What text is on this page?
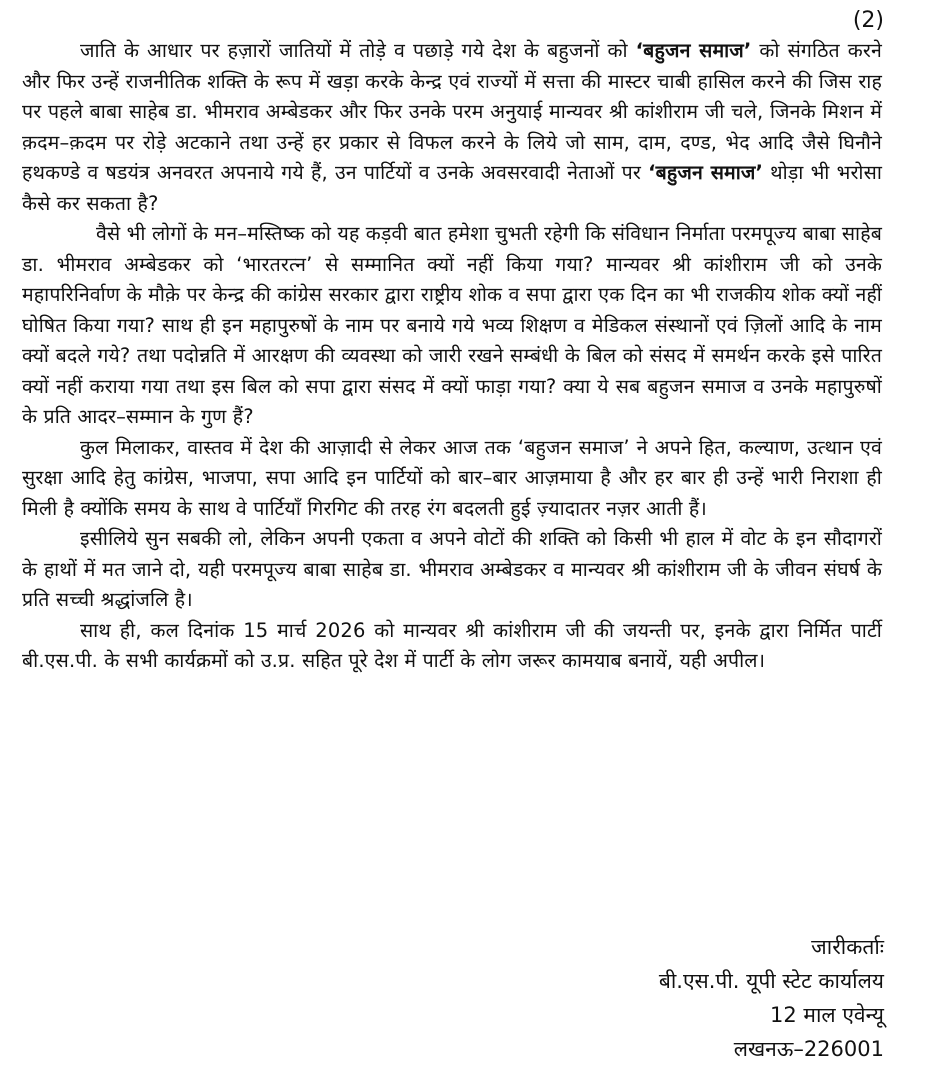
(2)

जाति के आधार पर हज़ारों जातियों में तोड़े व पछाड़े गये देश के बहुजनों को ‘बहुजन समाज’ को संगठित करने और फिर उन्हें राजनीतिक शक्ति के रूप में खड़ा करके केन्द्र एवं राज्यों में सत्ता की मास्टर चाबी हासिल करने की जिस राह पर पहले बाबा साहेब डा. भीमराव अम्बेडकर और फिर उनके परम अनुयाई मान्यवर श्री कांशीराम जी चले, जिनके मिशन में क़दम–क़दम पर रोड़े अटकाने तथा उन्हें हर प्रकार से विफल करने के लिये जो साम, दाम, दण्ड, भेद आदि जैसे घिनौने हथकण्डे व षडयंत्र अनवरत अपनाये गये हैं, उन पार्टियों व उनके अवसरवादी नेताओं पर ‘बहुजन समाज’ थोड़ा भी भरोसा कैसे कर सकता है?

वैसे भी लोगों के मन–मस्तिष्क को यह कड़वी बात हमेशा चुभती रहेगी कि संविधान निर्माता परमपूज्य बाबा साहेब डा. भीमराव अम्बेडकर को ‘भारतरत्न’ से सम्मानित क्यों नहीं किया गया? मान्यवर श्री कांशीराम जी को उनके महापरिनिर्वाण के मौक़े पर केन्द्र की कांग्रेस सरकार द्वारा राष्ट्रीय शोक व सपा द्वारा एक दिन का भी राजकीय शोक क्यों नहीं घोषित किया गया? साथ ही इन महापुरुषों के नाम पर बनाये गये भव्य शिक्षण व मेडिकल संस्थानों एवं ज़िलों आदि के नाम क्यों बदले गये? तथा पदोन्नति में आरक्षण की व्यवस्था को जारी रखने सम्बंधी के बिल को संसद में समर्थन करके इसे पारित क्यों नहीं कराया गया तथा इस बिल को सपा द्वारा संसद में क्यों फाड़ा गया? क्या ये सब बहुजन समाज व उनके महापुरुषों के प्रति आदर–सम्मान के गुण हैं?

कुल मिलाकर, वास्तव में देश की आज़ादी से लेकर आज तक ‘बहुजन समाज’ ने अपने हित, कल्याण, उत्थान एवं सुरक्षा आदि हेतु कांग्रेस, भाजपा, सपा आदि इन पार्टियों को बार–बार आज़माया है और हर बार ही उन्हें भारी निराशा ही मिली है क्योंकि समय के साथ वे पार्टियाँ गिरगिट की तरह रंग बदलती हुई ज़्यादातर नज़र आती हैं।

इसीलिये सुन सबकी लो, लेकिन अपनी एकता व अपने वोटों की शक्ति को किसी भी हाल में वोट के इन सौदागरों के हाथों में मत जाने दो, यही परमपूज्य बाबा साहेब डा. भीमराव अम्बेडकर व मान्यवर श्री कांशीराम जी के जीवन संघर्ष के प्रति सच्ची श्रद्धांजलि है।

साथ ही, कल दिनांक 15 मार्च 2026 को मान्यवर श्री कांशीराम जी की जयन्ती पर, इनके द्वारा निर्मित पार्टी बी.एस.पी. के सभी कार्यक्रमों को उ.प्र. सहित पूरे देश में पार्टी के लोग जरूर कामयाब बनायें, यही अपील।

जारीकर्ताः
बी.एस.पी. यूपी स्टेट कार्यालय
12 माल एवेन्यू
लखनऊ–226001
